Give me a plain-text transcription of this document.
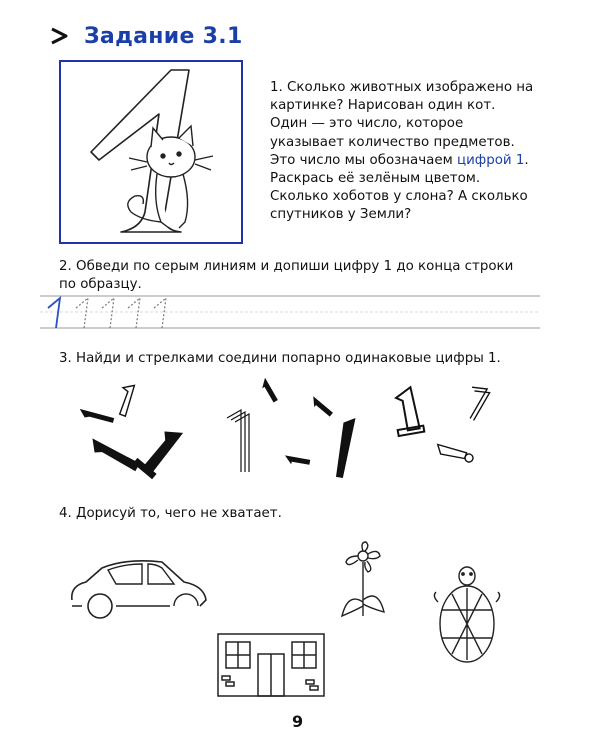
Задание 3.1

1. Сколько животных изображено на картинке? Нарисован один кот. Один — это число, которое указывает количество предметов. Это число мы обозначаем цифрой 1. Раскрась её зелёным цветом. Сколько хоботов у слона? А сколько спутников у Земли?

2. Обведи по серым линиям и допиши цифру 1 до конца строки по образцу.
3. Найди и стрелками соедини попарно одинаковые цифры 1.
4. Дорисуй то, чего не хватает.
9
